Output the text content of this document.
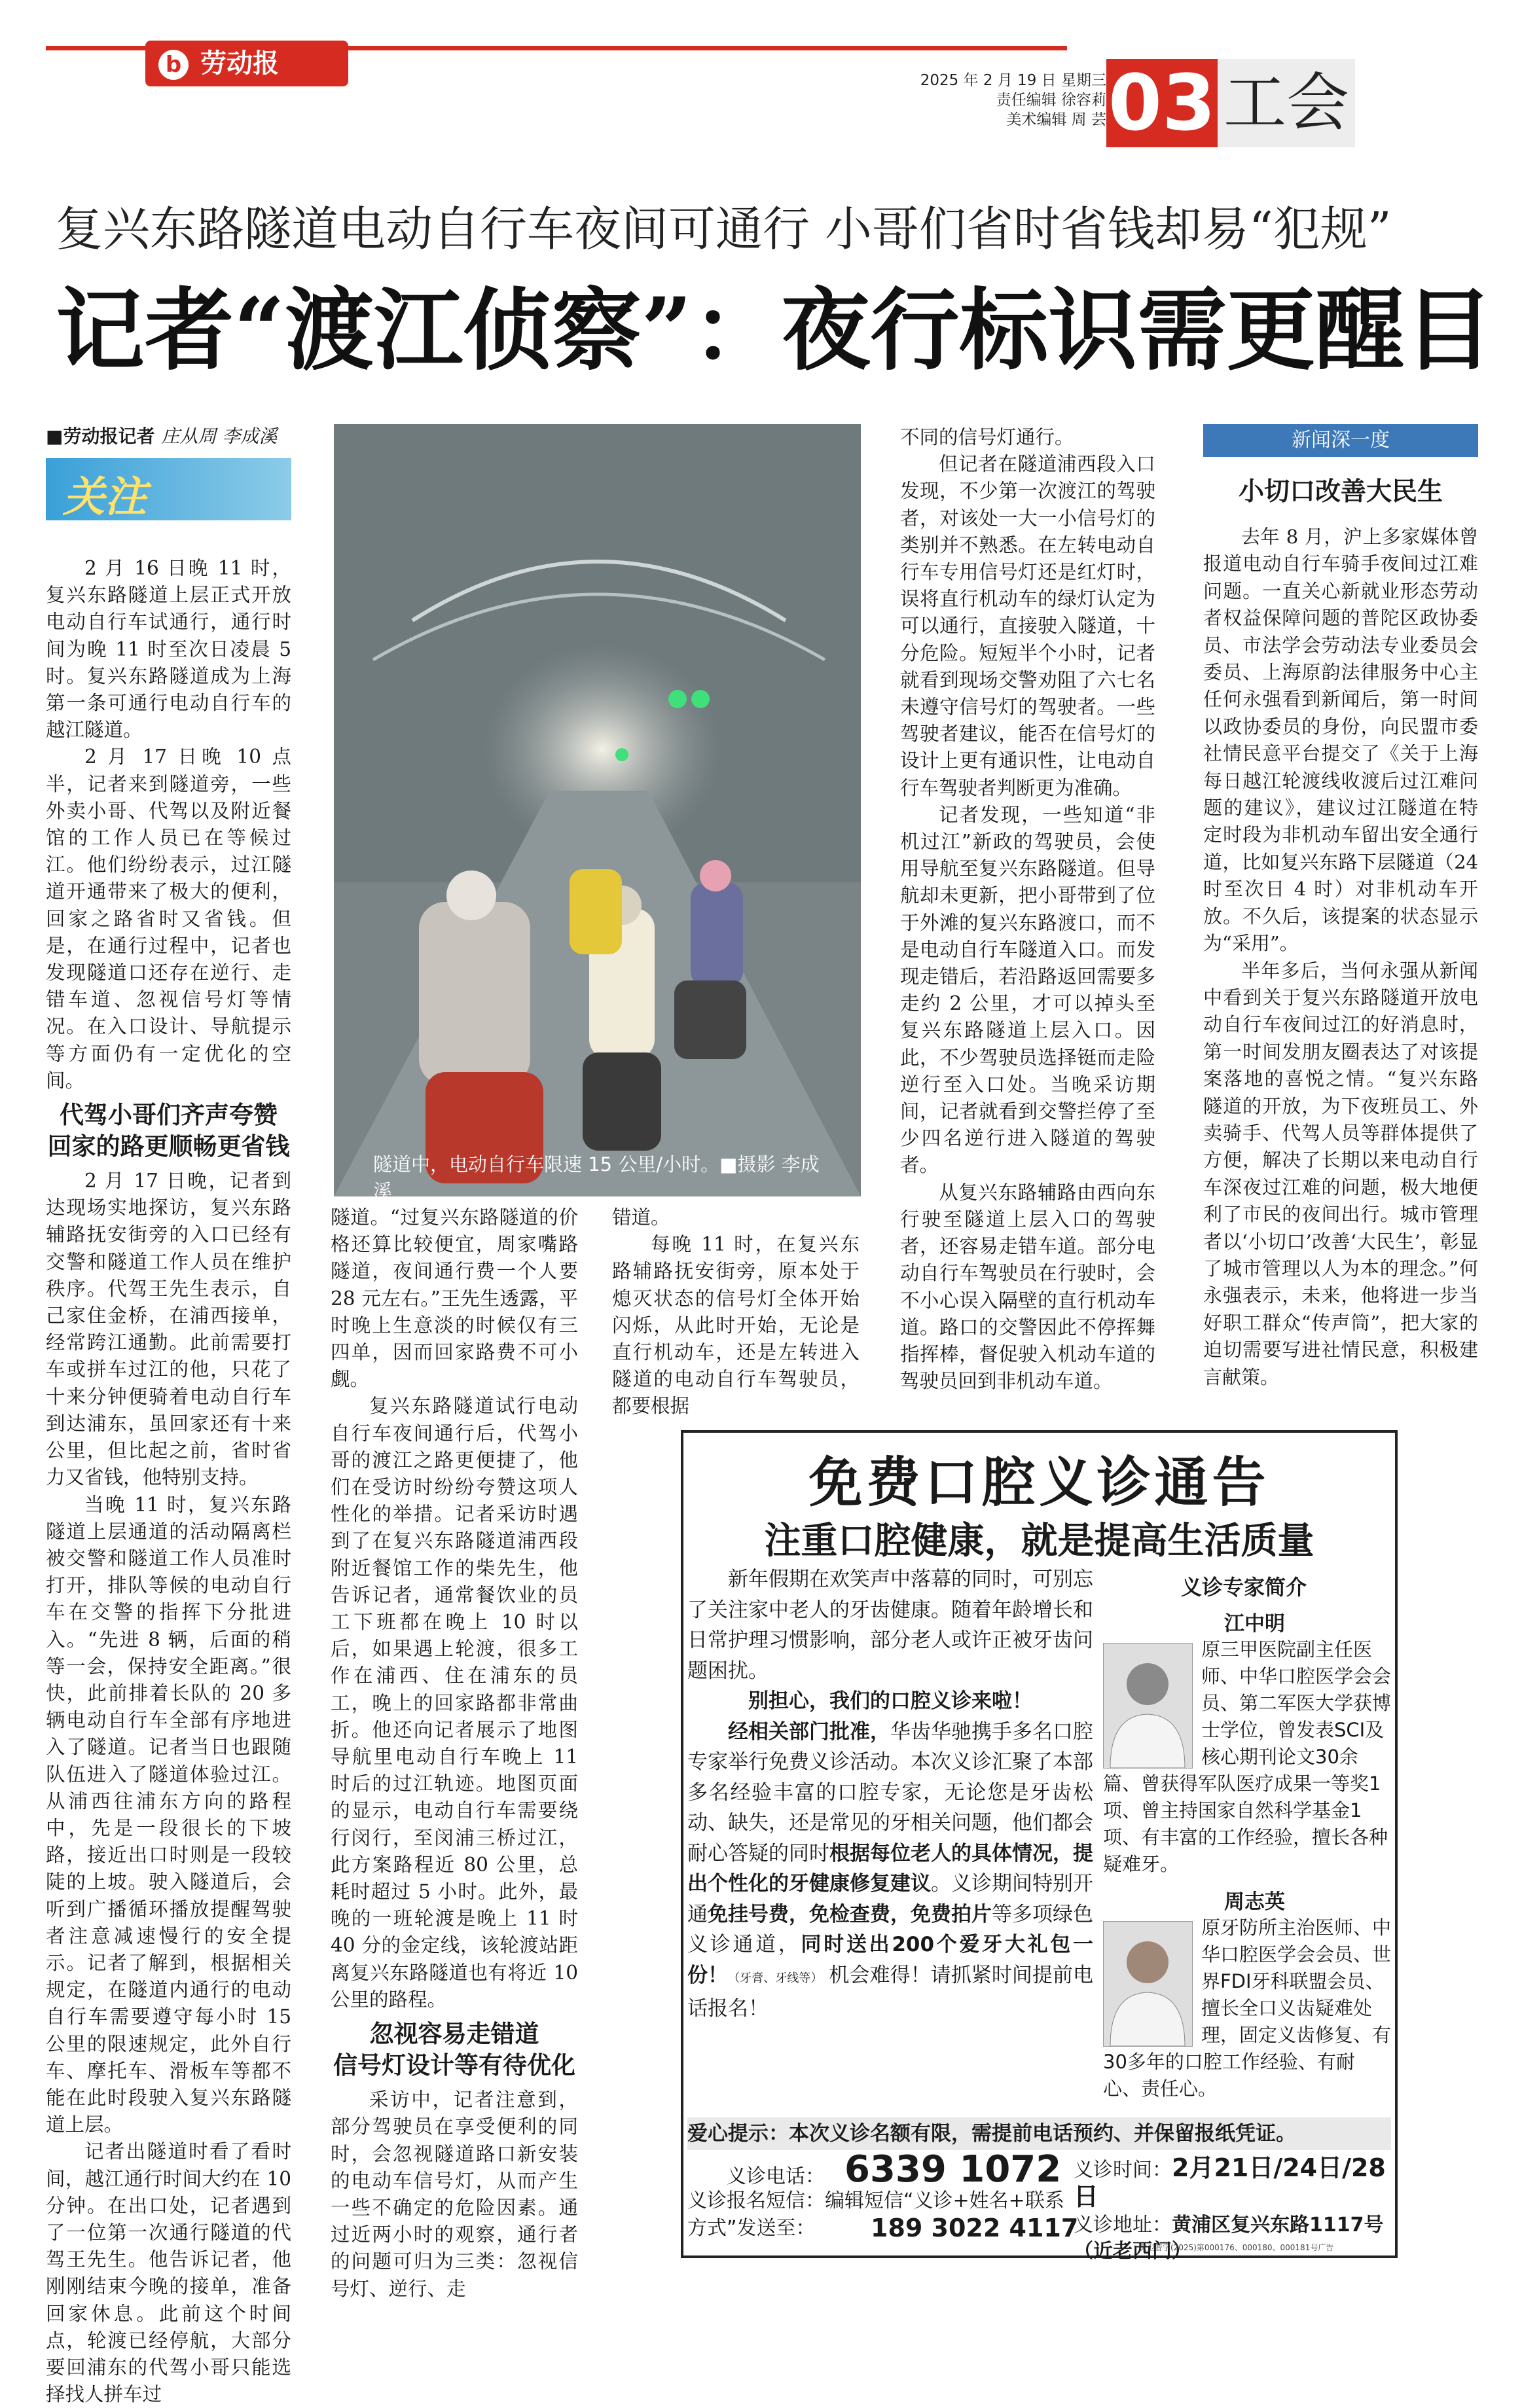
b 劳动报
2025 年 2 月 19 日 星期三
责任编辑 徐容莉
美术编辑 周 芸 03 工会
复兴东路隧道电动自行车夜间可通行 小哥们省时省钱却易“犯规”
记者“渡江侦察”：夜行标识需更醒目
■劳动报记者 庄从周 李成溪
关注

2 月 16 日晚 11 时，复兴东路隧道上层正式开放电动自行车试通行，通行时间为晚 11 时至次日凌晨 5 时。复兴东路隧道成为上海第一条可通行电动自行车的越江隧道。

2 月 17 日晚 10 点半，记者来到隧道旁，一些外卖小哥、代驾以及附近餐馆的工作人员已在等候过江。他们纷纷表示，过江隧道开通带来了极大的便利，回家之路省时又省钱。但是，在通行过程中，记者也发现隧道口还存在逆行、走错车道、忽视信号灯等情况。在入口设计、导航提示等方面仍有一定优化的空间。

代驾小哥们齐声夸赞
回家的路更顺畅更省钱

2 月 17 日晚，记者到达现场实地探访，复兴东路辅路抚安街旁的入口已经有交警和隧道工作人员在维护秩序。代驾王先生表示，自己家住金桥，在浦西接单，经常跨江通勤。此前需要打车或拼车过江的他，只花了十来分钟便骑着电动自行车到达浦东，虽回家还有十来公里，但比起之前，省时省力又省钱，他特别支持。

当晚 11 时，复兴东路隧道上层通道的活动隔离栏被交警和隧道工作人员准时打开，排队等候的电动自行车在交警的指挥下分批进入。“先进 8 辆，后面的稍等一会，保持安全距离。”很快，此前排着长队的 20 多辆电动自行车全部有序地进入了隧道。记者当日也跟随队伍进入了隧道体验过江。从浦西往浦东方向的路程中，先是一段很长的下坡路，接近出口时则是一段较陡的上坡。驶入隧道后，会听到广播循环播放提醒驾驶者注意减速慢行的安全提示。记者了解到，根据相关规定，在隧道内通行的电动自行车需要遵守每小时 15 公里的限速规定，此外自行车、摩托车、滑板车等都不能在此时段驶入复兴东路隧道上层。

记者出隧道时看了看时间，越江通行时间大约在 10 分钟。在出口处，记者遇到了一位第一次通行隧道的代驾王先生。他告诉记者，他刚刚结束今晚的接单，准备回家休息。此前这个时间点，轮渡已经停航，大部分要回浦东的代驾小哥只能选择找人拼车过

隧道中，电动自行车限速 15 公里/小时。■摄影 李成溪

隧道。“过复兴东路隧道的价格还算比较便宜，周家嘴路隧道，夜间通行费一个人要 28 元左右。”王先生透露，平时晚上生意淡的时候仅有三四单，因而回家路费不可小觑。

复兴东路隧道试行电动自行车夜间通行后，代驾小哥的渡江之路更便捷了，他们在受访时纷纷夸赞这项人性化的举措。记者采访时遇到了在复兴东路隧道浦西段附近餐馆工作的柴先生，他告诉记者，通常餐饮业的员工下班都在晚上 10 时以后，如果遇上轮渡，很多工作在浦西、住在浦东的员工，晚上的回家路都非常曲折。他还向记者展示了地图导航里电动自行车晚上 11 时后的过江轨迹。地图页面的显示，电动自行车需要绕行闵行，至闵浦三桥过江，此方案路程近 80 公里，总耗时超过 5 小时。此外，最晚的一班轮渡是晚上 11 时 40 分的金定线，该轮渡站距离复兴东路隧道也有将近 10 公里的路程。

忽视容易走错道
信号灯设计等有待优化

采访中，记者注意到，部分驾驶员在享受便利的同时，会忽视隧道路口新安装的电动车信号灯，从而产生一些不确定的危险因素。通过近两小时的观察，通行者的问题可归为三类：忽视信号灯、逆行、走

错道。

每晚 11 时，在复兴东路辅路抚安街旁，原本处于熄灭状态的信号灯全体开始闪烁，从此时开始，无论是直行机动车，还是左转进入隧道的电动自行车驾驶员，都要根据

不同的信号灯通行。

但记者在隧道浦西段入口发现，不少第一次渡江的驾驶者，对该处一大一小信号灯的类别并不熟悉。在左转电动自行车专用信号灯还是红灯时，误将直行机动车的绿灯认定为可以通行，直接驶入隧道，十分危险。短短半个小时，记者就看到现场交警劝阻了六七名未遵守信号灯的驾驶者。一些驾驶者建议，能否在信号灯的设计上更有通识性，让电动自行车驾驶者判断更为准确。

记者发现，一些知道“非机过江”新政的驾驶员，会使用导航至复兴东路隧道。但导航却未更新，把小哥带到了位于外滩的复兴东路渡口，而不是电动自行车隧道入口。而发现走错后，若沿路返回需要多走约 2 公里，才可以掉头至复兴东路隧道上层入口。因此，不少驾驶员选择铤而走险逆行至入口处。当晚采访期间，记者就看到交警拦停了至少四名逆行进入隧道的驾驶者。

从复兴东路辅路由西向东行驶至隧道上层入口的驾驶者，还容易走错车道。部分电动自行车驾驶员在行驶时，会不小心误入隔壁的直行机动车道。路口的交警因此不停挥舞指挥棒，督促驶入机动车道的驾驶员回到非机动车道。

新闻深一度
小切口改善大民生

去年 8 月，沪上多家媒体曾报道电动自行车骑手夜间过江难问题。一直关心新就业形态劳动者权益保障问题的普陀区政协委员、市法学会劳动法专业委员会委员、上海原韵法律服务中心主任何永强看到新闻后，第一时间以政协委员的身份，向民盟市委社情民意平台提交了《关于上海每日越江轮渡线收渡后过江难问题的建议》，建议过江隧道在特定时段为非机动车留出安全通行道，比如复兴东路下层隧道（24 时至次日 4 时）对非机动车开放。不久后，该提案的状态显示为“采用”。

半年多后，当何永强从新闻中看到关于复兴东路隧道开放电动自行车夜间过江的好消息时，第一时间发朋友圈表达了对该提案落地的喜悦之情。“复兴东路隧道的开放，为下夜班员工、外卖骑手、代驾人员等群体提供了方便，解决了长期以来电动自行车深夜过江难的问题，极大地便利了市民的夜间出行。城市管理者以‘小切口’改善‘大民生’，彰显了城市管理以人为本的理念。”何永强表示，未来，他将进一步当好职工群众“传声筒”，把大家的迫切需要写进社情民意，积极建言献策。

免费口腔义诊通告
注重口腔健康，就是提高生活质量

新年假期在欢笑声中落幕的同时，可别忘了关注家中老人的牙齿健康。随着年龄增长和日常护理习惯影响，部分老人或许正被牙齿问题困扰。

别担心，我们的口腔义诊来啦！

经相关部门批准，华齿华驰携手多名口腔专家举行免费义诊活动。本次义诊汇聚了本部多名经验丰富的口腔专家，无论您是牙齿松动、缺失，还是常见的牙相关问题，他们都会耐心答疑的同时根据每位老人的具体情况，提出个性化的牙健康修复建议。义诊期间特别开通免挂号费，免检查费，免费拍片等多项绿色义诊通道，同时送出200个爱牙大礼包一份！（牙膏、牙线等） 机会难得！请抓紧时间提前电话报名！

义诊专家简介
江中明
原三甲医院副主任医师、中华口腔医学会会员、第二军医大学获博士学位，曾发表SCI及核心期刊论文30余篇、曾获得军队医疗成果一等奖1项、曾主持国家自然科学基金1项、有丰富的工作经验，擅长各种疑难牙。
周志英
原牙防所主治医师、中华口腔医学会会员、世界FDI牙科联盟会员、擅长全口义齿疑难处理，固定义齿修复、有30多年的口腔工作经验、有耐心、责任心。
爱心提示：本次义诊名额有限，需提前电话预约、并保留报纸凭证。
义诊电话： 6339 1072
义诊报名短信：编辑短信“义诊+姓名+联系方式”发送至：	189 3022 4117
义诊时间：2月21日/24日/28日
义诊地址：黄浦区复兴东路1117号（近老西门）
黄卫普字(2025)第000176、000180、000181号广告
